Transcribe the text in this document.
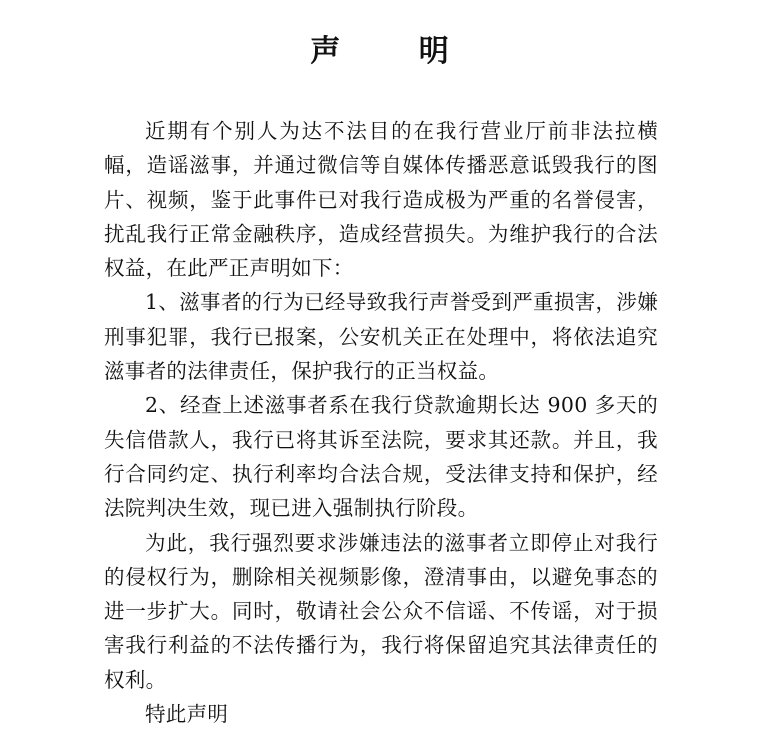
声 明

近期有个别人为达不法目的在我行营业厅前非法拉横幅，造谣滋事，并通过微信等自媒体传播恶意诋毁我行的图片、视频，鉴于此事件已对我行造成极为严重的名誉侵害，扰乱我行正常金融秩序，造成经营损失。为维护我行的合法权益，在此严正声明如下：

1、滋事者的行为已经导致我行声誉受到严重损害，涉嫌刑事犯罪，我行已报案，公安机关正在处理中，将依法追究滋事者的法律责任，保护我行的正当权益。

2、经查上述滋事者系在我行贷款逾期长达 900 多天的失信借款人，我行已将其诉至法院，要求其还款。并且，我行合同约定、执行利率均合法合规，受法律支持和保护，经法院判决生效，现已进入强制执行阶段。

为此，我行强烈要求涉嫌违法的滋事者立即停止对我行的侵权行为，删除相关视频影像，澄清事由，以避免事态的进一步扩大。同时，敬请社会公众不信谣、不传谣，对于损害我行利益的不法传播行为，我行将保留追究其法律责任的权利。

特此声明
